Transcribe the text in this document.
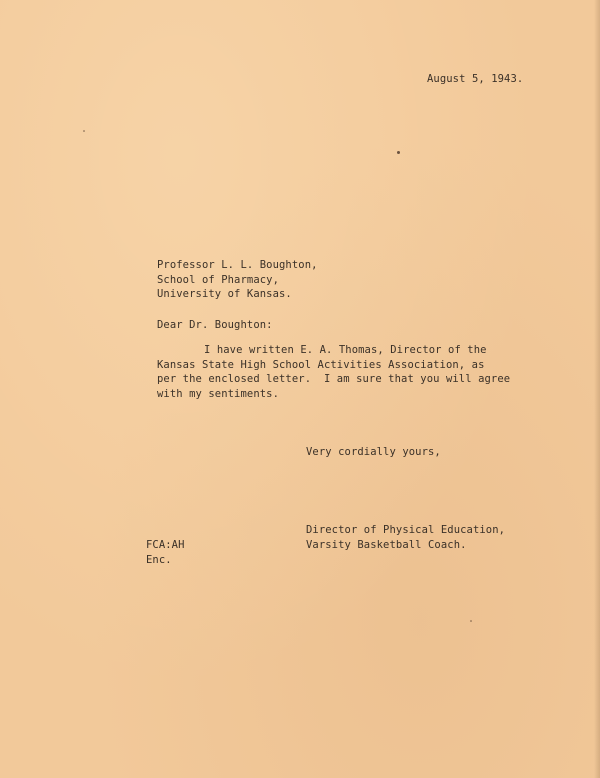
August 5, 1943.
Professor L. L. Boughton,
School of Pharmacy,
University of Kansas.
Dear Dr. Boughton:
I have written E. A. Thomas, Director of the
Kansas State High School Activities Association, as
per the enclosed letter.  I am sure that you will agree
with my sentiments.
Very cordially yours,
Director of Physical Education,
Varsity Basketball Coach.
FCA:AH
Enc.
